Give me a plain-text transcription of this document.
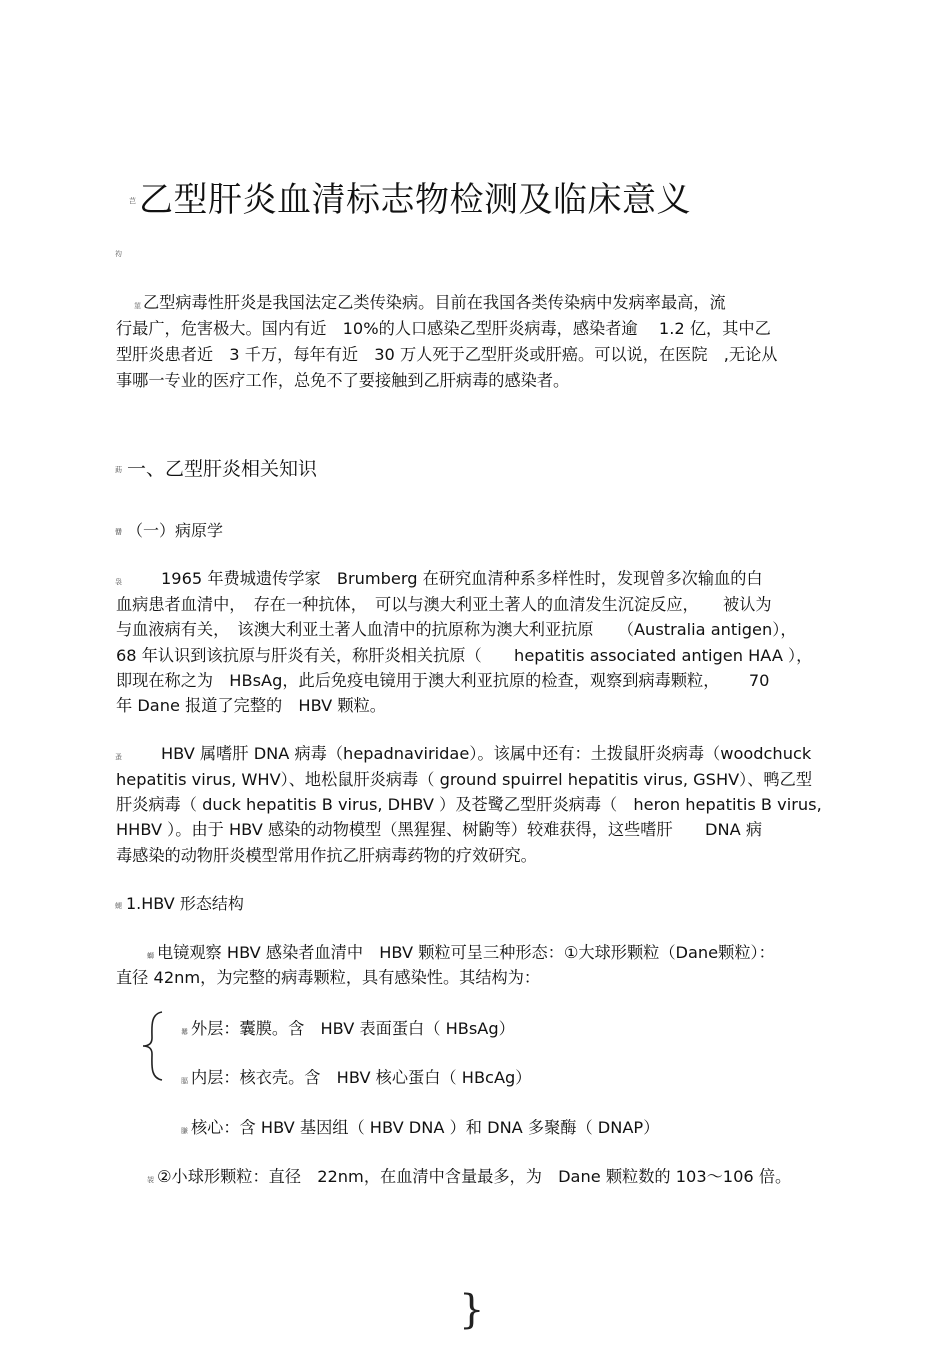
芑 乙型肝炎血清标志物检测及临床意义
袀
莁 乙型病毒性肝炎是我国法定乙类传染病。目前在我国各类传染病中发病率最高，流
行最广，危害极大。国内有近　10%的人口感染乙型肝炎病毒，感染者逾　 1.2 亿，其中乙
型肝炎患者近　3 千万，每年有近　30 万人死于乙型肝炎或肝癌。可以说，在医院　,无论从
事哪一专业的医疗工作，总免不了要接触到乙肝病毒的感染者。
莇 一、乙型肝炎相关知识
羀 （一）病原学
袅 1965 年费城遗传学家　Brumberg 在研究血清种系多样性时，发现曾多次输血的白
血病患者血清中，　存在一种抗体，　可以与澳大利亚土著人的血清发生沉淀反应，　　被认为
与血液病有关，　该澳大利亚土著人血清中的抗原称为澳大利亚抗原　　（Australia antigen），
68 年认识到该抗原与肝炎有关，称肝炎相关抗原（　　hepatitis associated antigen HAA ），
即现在称之为　HBsAg，此后免疫电镜用于澳大利亚抗原的检查，观察到病毒颗粒，　　 70
年 Dane 报道了完整的　HBV 颗粒。
蚤 HBV 属嗜肝 DNA 病毒（hepadnaviridae）。该属中还有：土拨鼠肝炎病毒（woodchuck
hepatitis virus, WHV）、地松鼠肝炎病毒（ ground spuirrel hepatitis virus, GSHV）、鸭乙型
肝炎病毒（ duck hepatitis B virus, DHBV ）及苍鹭乙型肝炎病毒（　heron hepatitis B virus,
HHBV ）。由于 HBV 感染的动物模型（黑猩猩、树鼩等）较难获得，这些嗜肝　　DNA 病
毒感染的动物肝炎模型常用作抗乙肝病毒药物的疗效研究。
螁 1.HBV 形态结构
螄 电镜观察 HBV 感染者血清中　HBV 颗粒可呈三种形态：①大球形颗粒（Dane颗粒）：
直径 42nm，为完整的病毒颗粒，具有感染性。其结构为：
羃 外层：囊膜。含　HBV 表面蛋白（ HBsAg）
腷 内层：核衣壳。含　HBV 核心蛋白（ HBcAg）
膁 核心：含 HBV 基因组（ HBV DNA ）和 DNA 多聚酶（ DNAP）
袈 ②小球形颗粒：直径　22nm，在血清中含量最多，为　Dane 颗粒数的 103～106 倍。
}
